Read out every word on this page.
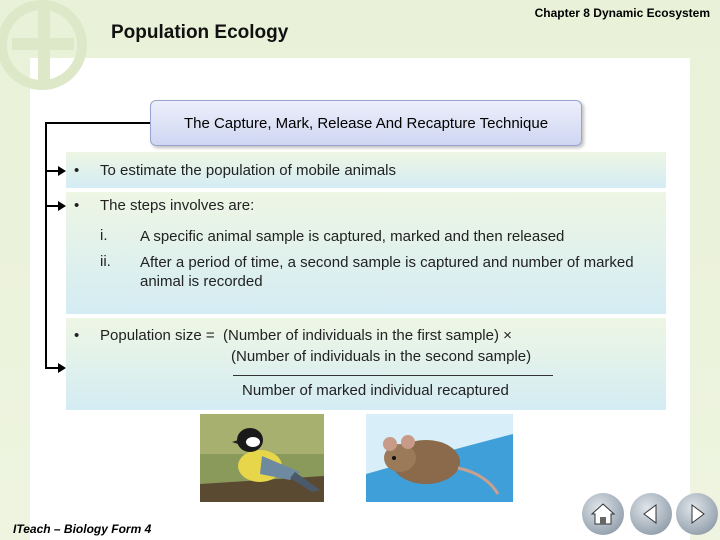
Chapter 8 Dynamic Ecosystem
Population Ecology
The Capture, Mark, Release And Recapture Technique
• To estimate the population of mobile animals
• The steps involves are:
i. A specific animal sample is captured, marked and then released
ii. After a period of time, a second sample is captured and number of marked animal is recorded
• Population size = (Number of individuals in the first sample) ×
(Number of individuals in the second sample)
Number of marked individual recaptured
ITeach – Biology Form 4
